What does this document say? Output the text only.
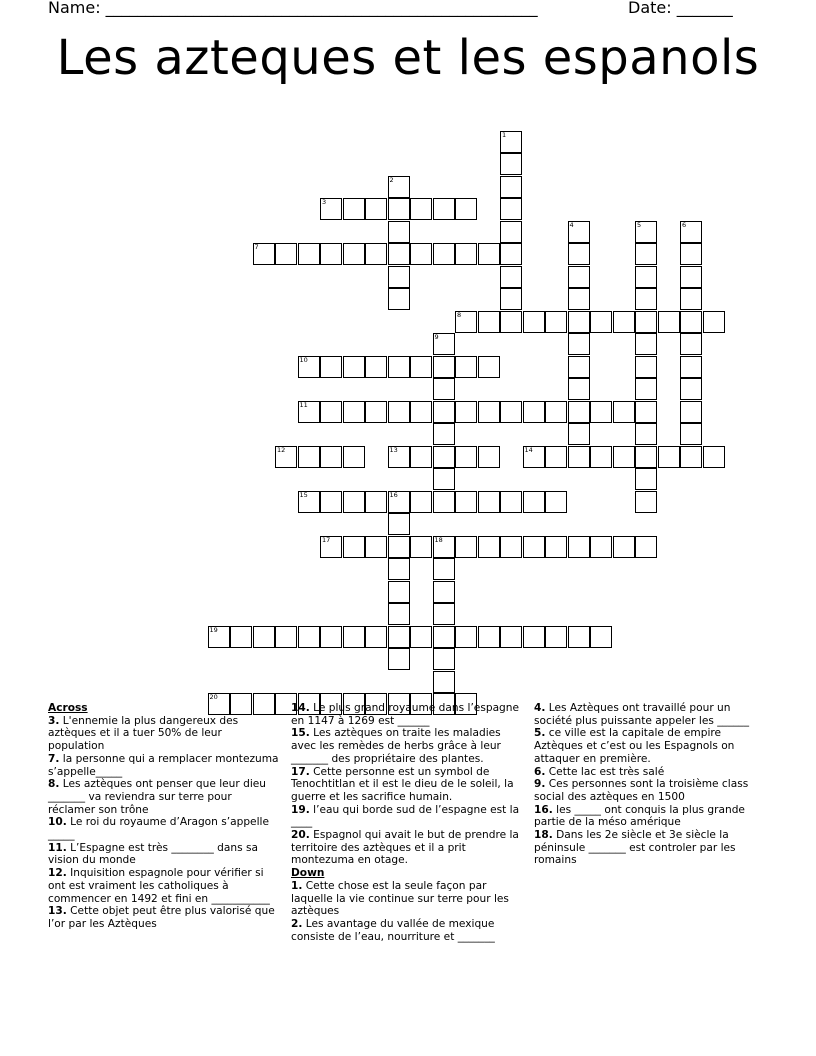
Name: ______________________________________________________	Date: _______
Les azteques et les espanols
3
7
8
10
11
12	13	14
15	16
17	18
19
20
1
2
4	5	6
9

Across

3. L'ennemie la plus dangereux des aztèques et il a tuer 50% de leur population

7. la personne qui a remplacer montezuma s’appelle_____

8. Les aztèques ont penser que leur dieu _______ va reviendra sur terre pour réclamer son trône

10. Le roi du royaume d’Aragon s’appelle _____

11. L’Espagne est très ________ dans sa vision du monde

12. Inquisition espagnole pour vérifier si ont est vraiment les catholiques à commencer en 1492 et fini en ___________

13. Cette objet peut être plus valorisé que l’or par les Aztèques

14. Le plus grand royaume dans l’espagne en 1147 à 1269 est ______

15. Les aztèques on traite les maladies avec les remèdes de herbs grâce à leur _______ des propriétaire des plantes.

17. Cette personne est un symbol de Tenochtitlan et il est le dieu de le soleil, la guerre et les sacrifice humain.

19. l’eau qui borde sud de l’espagne est la ____

20. Espagnol qui avait le but de prendre la territoire des aztèques et il a prit montezuma en otage.

Down

1. Cette chose est la seule façon par laquelle la vie continue sur terre pour les aztèques

2. Les avantage du vallée de mexique consiste de l’eau, nourriture et _______

4. Les Aztèques ont travaillé pour un société plus puissante appeler les ______

5. ce ville est la capitale de empire Aztèques et c’est ou les Espagnols on attaquer en première.

6. Cette lac est très salé

9. Ces personnes sont la troisième class social des aztèques en 1500

16. les _____ ont conquis la plus grande partie de la méso amérique

18. Dans les 2e siècle et 3e siècle la péninsule _______ est controler par les romains
